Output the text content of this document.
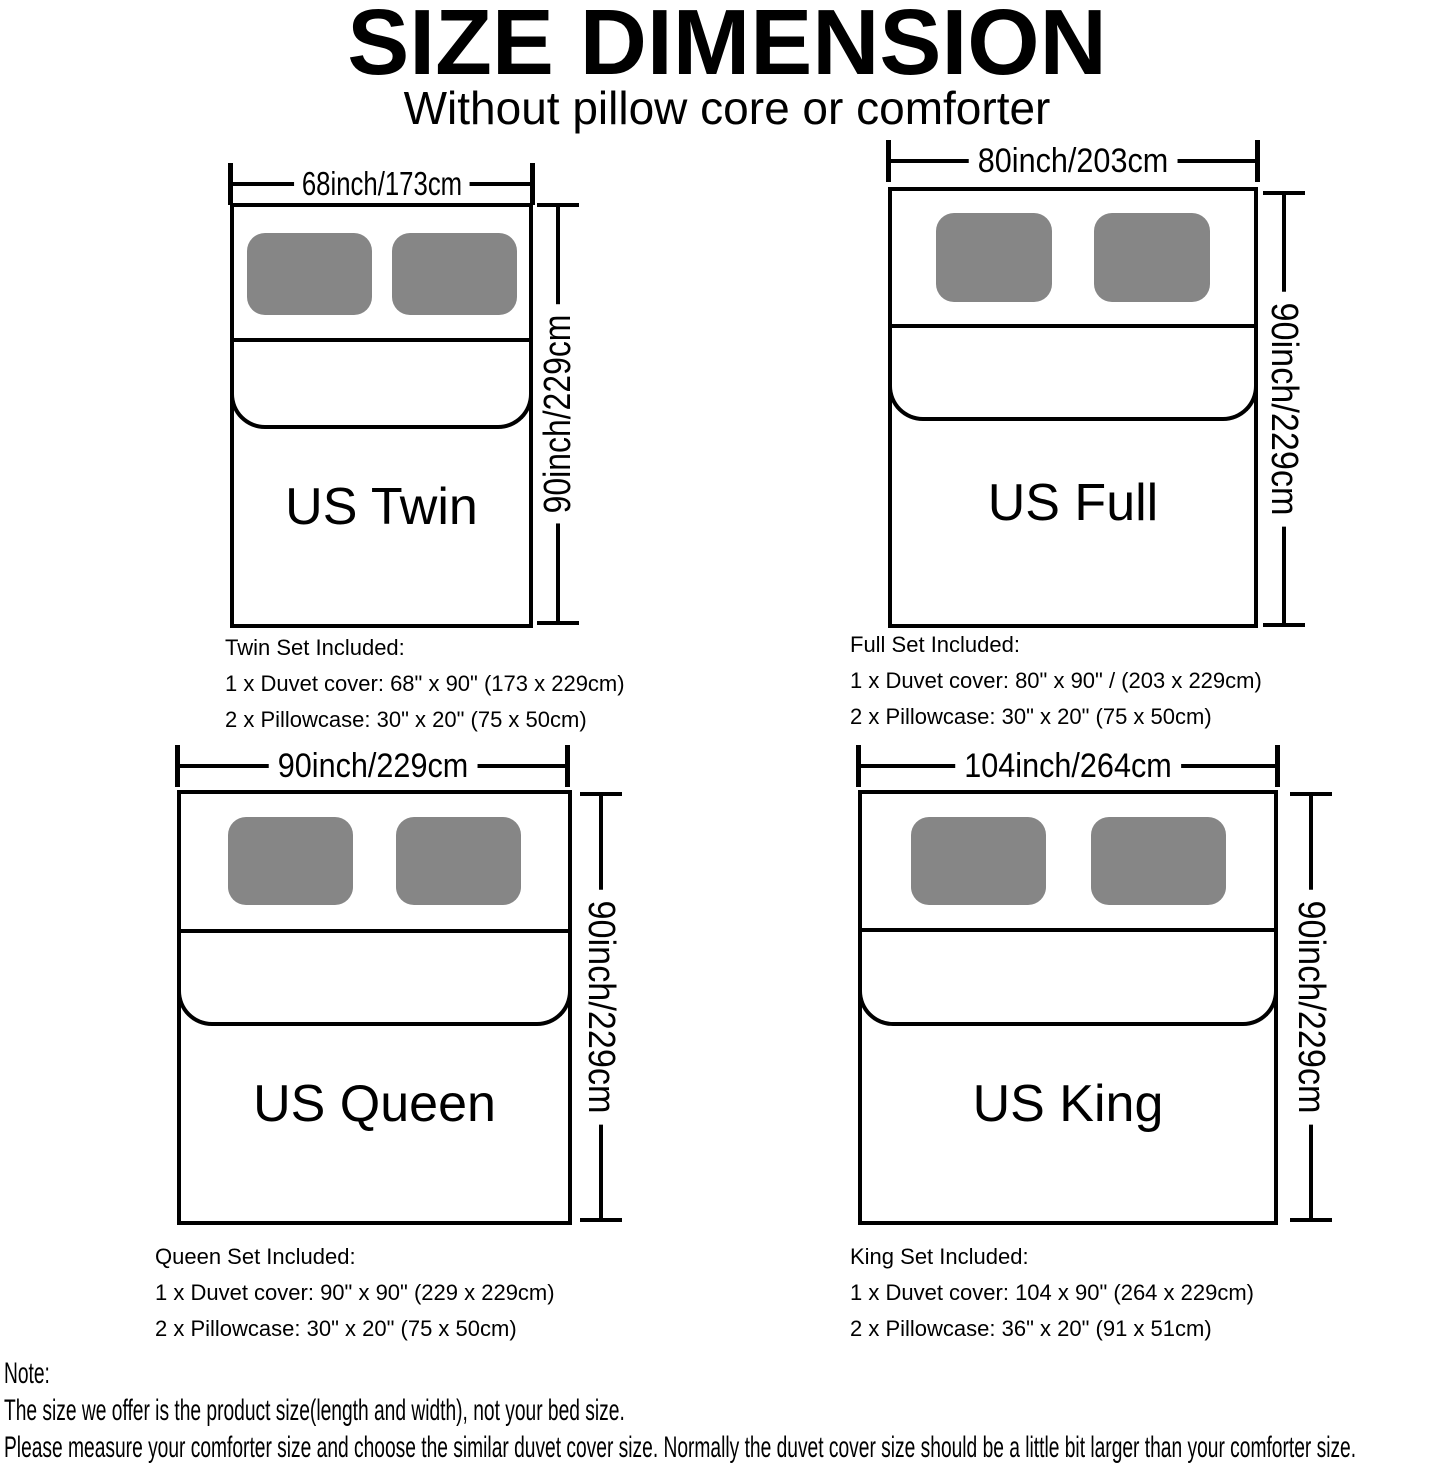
SIZE DIMENSION
Without pillow core or comforter
68inch/173cm
90inch/229cm
US Twin
Twin Set Included:
1 x Duvet cover: 68" x 90" (173 x 229cm)
2 x Pillowcase: 30" x 20" (75 x 50cm)
80inch/203cm
90inch/229cm
US Full
Full Set Included:
1 x Duvet cover: 80" x 90" / (203 x 229cm)
2 x Pillowcase: 30" x 20" (75 x 50cm)
90inch/229cm
90inch/229cm
US Queen
Queen Set Included:
1 x Duvet cover: 90" x 90" (229 x 229cm)
2 x Pillowcase: 30" x 20" (75 x 50cm)
104inch/264cm
90inch/229cm
US King
King Set Included:
1 x Duvet cover: 104 x 90" (264 x 229cm)
2 x Pillowcase: 36" x 20" (91 x 51cm)
Note:
The size we offer is the product size(length and width), not your bed size.
Please measure your comforter size and choose the similar duvet cover size. Normally the duvet cover size should be a little bit larger than your comforter size.
